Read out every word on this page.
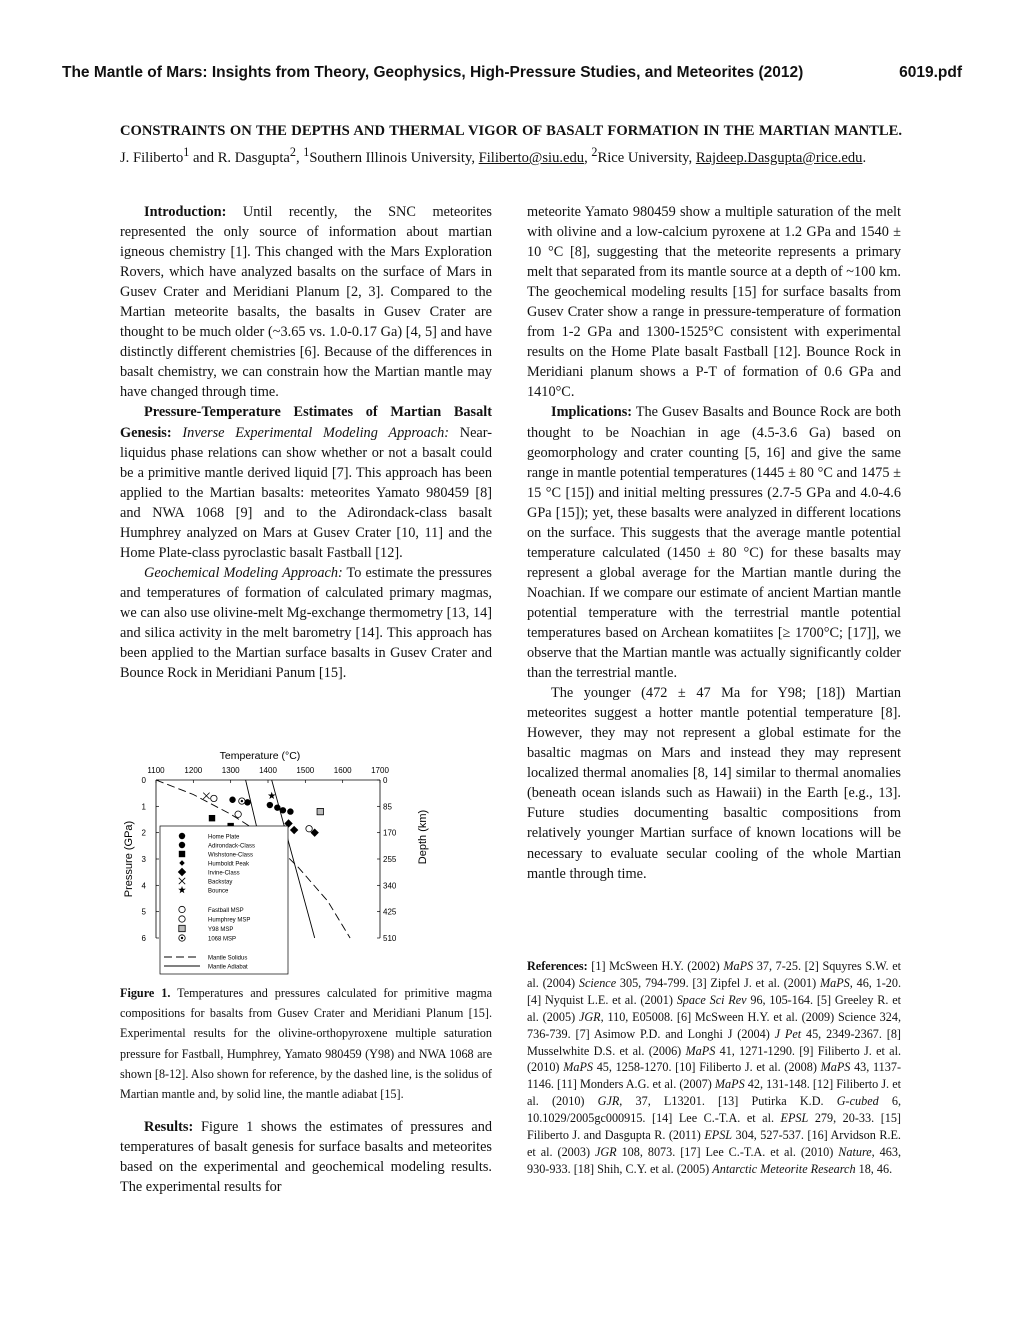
The Mantle of Mars: Insights from Theory, Geophysics, High-Pressure Studies, and Meteorites (2012)	6019.pdf
CONSTRAINTS ON THE DEPTHS AND THERMAL VIGOR OF BASALT FORMATION IN THE MARTIAN MANTLE. J. Filiberto$^1$ and R. Dasgupta$^2$, $^1$Southern Illinois University, Filiberto@siu.edu, $^2$Rice University, Rajdeep.Dasgupta@rice.edu.

Introduction: Until recently, the SNC meteorites represented the only source of information about martian igneous chemistry [1]. This changed with the Mars Exploration Rovers, which have analyzed basalts on the surface of Mars in Gusev Crater and Meridiani Planum [2, 3]. Compared to the Martian meteorite basalts, the basalts in Gusev Crater are thought to be much older (~3.65 vs. 1.0-0.17 Ga) [4, 5] and have distinctly different chemistries [6]. Because of the differences in basalt chemistry, we can constrain how the Martian mantle may have changed through time.

Pressure-Temperature Estimates of Martian Basalt Genesis: Inverse Experimental Modeling Approach: Near-liquidus phase relations can show whether or not a basalt could be a primitive mantle derived liquid [7]. This approach has been applied to the Martian basalts: meteorites Yamato 980459 [8] and NWA 1068 [9] and to the Adirondack-class basalt Humphrey analyzed on Mars at Gusev Crater [10, 11] and the Home Plate-class pyroclastic basalt Fastball [12].

Geochemical Modeling Approach: To estimate the pressures and temperatures of formation of calculated primary magmas, we can also use olivine-melt Mg-exchange thermometry [13, 14] and silica activity in the melt barometry [14]. This approach has been applied to the Martian surface basalts in Gusev Crater and Bounce Rock in Meridiani Panum [15].

1100 1200 1300 1400 1500 1600 1700
0	0
1	85
2	170
3	255
4	340
5	425
6	510
Temperature (°C)
Pressure (GPa)	Depth (km)
Home Plate
Adirondack-Class
Wishstone-Class
Humboldt Peak
Irvine-Class
Backstay
Bounce
Fastball MSP
Humphrey MSP
Y98 MSP
1068 MSP
Mantle Solidus
Mantle Adiabat
Figure 1. Temperatures and pressures calculated for primitive magma compositions for basalts from Gusev Crater and Meridiani Planum [15]. Experimental results for the olivine-orthopyroxene multiple saturation pressure for Fastball, Humphrey, Yamato 980459 (Y98) and NWA 1068 are shown [8-12]. Also shown for reference, by the dashed line, is the solidus of Martian mantle and, by solid line, the mantle adiabat [15].

Results: Figure 1 shows the estimates of pressures and temperatures of basalt genesis for surface basalts and meteorites based on the experimental and geochemical modeling results. The experimental results for

meteorite Yamato 980459 show a multiple saturation of the melt with olivine and a low-calcium pyroxene at 1.2 GPa and 1540 ± 10 °C [8], suggesting that the meteorite represents a primary melt that separated from its mantle source at a depth of ~100 km. The geochemical modeling results [15] for surface basalts from Gusev Crater show a range in pressure-temperature of formation from 1-2 GPa and 1300-1525°C consistent with experimental results on the Home Plate basalt Fastball [12]. Bounce Rock in Meridiani planum shows a P-T of formation of 0.6 GPa and 1410°C.

Implications: The Gusev Basalts and Bounce Rock are both thought to be Noachian in age (4.5-3.6 Ga) based on geomorphology and crater counting [5, 16] and give the same range in mantle potential temperatures (1445 ± 80 °C and 1475 ± 15 °C [15]) and initial melting pressures (2.7-5 GPa and 4.0-4.6 GPa [15]); yet, these basalts were analyzed in different locations on the surface. This suggests that the average mantle potential temperature calculated (1450 ± 80 °C) for these basalts may represent a global average for the Martian mantle during the Noachian. If we compare our estimate of ancient Martian mantle potential temperature with the terrestrial mantle potential temperatures based on Archean komatiites [≥ 1700°C; [17]], we observe that the Martian mantle was actually significantly colder than the terrestrial mantle.

The younger (472 ± 47 Ma for Y98; [18]) Martian meteorites suggest a hotter mantle potential temperature [8]. However, they may not represent a global estimate for the basaltic magmas on Mars and instead they may represent localized thermal anomalies [8, 14] similar to thermal anomalies (beneath ocean islands such as Hawaii) in the Earth [e.g., 13]. Future studies documenting basaltic compositions from relatively younger Martian surface of known locations will be necessary to evaluate secular cooling of the whole Martian mantle through time.

References: [1] McSween H.Y. (2002) MaPS 37, 7-25. [2] Squyres S.W. et al. (2004) Science 305, 794-799. [3] Zipfel J. et al. (2001) MaPS, 46, 1-20. [4] Nyquist L.E. et al. (2001) Space Sci Rev 96, 105-164. [5] Greeley R. et al. (2005) JGR, 110, E05008. [6] McSween H.Y. et al. (2009) Science 324, 736-739. [7] Asimow P.D. and Longhi J (2004) J Pet 45, 2349-2367. [8] Musselwhite D.S. et al. (2006) MaPS 41, 1271-1290. [9] Filiberto J. et al. (2010) MaPS 45, 1258-1270. [10] Filiberto J. et al. (2008) MaPS 43, 1137-1146. [11] Monders A.G. et al. (2007) MaPS 42, 131-148. [12] Filiberto J. et al. (2010) GJR, 37, L13201. [13] Putirka K.D. G-cubed 6, 10.1029/2005gc000915. [14] Lee C.-T.A. et al. EPSL 279, 20-33. [15] Filiberto J. and Dasgupta R. (2011) EPSL 304, 527-537. [16] Arvidson R.E. et al. (2003) JGR 108, 8073. [17] Lee C.-T.A. et al. (2010) Nature, 463, 930-933. [18] Shih, C.Y. et al. (2005) Antarctic Meteorite Research 18, 46.
